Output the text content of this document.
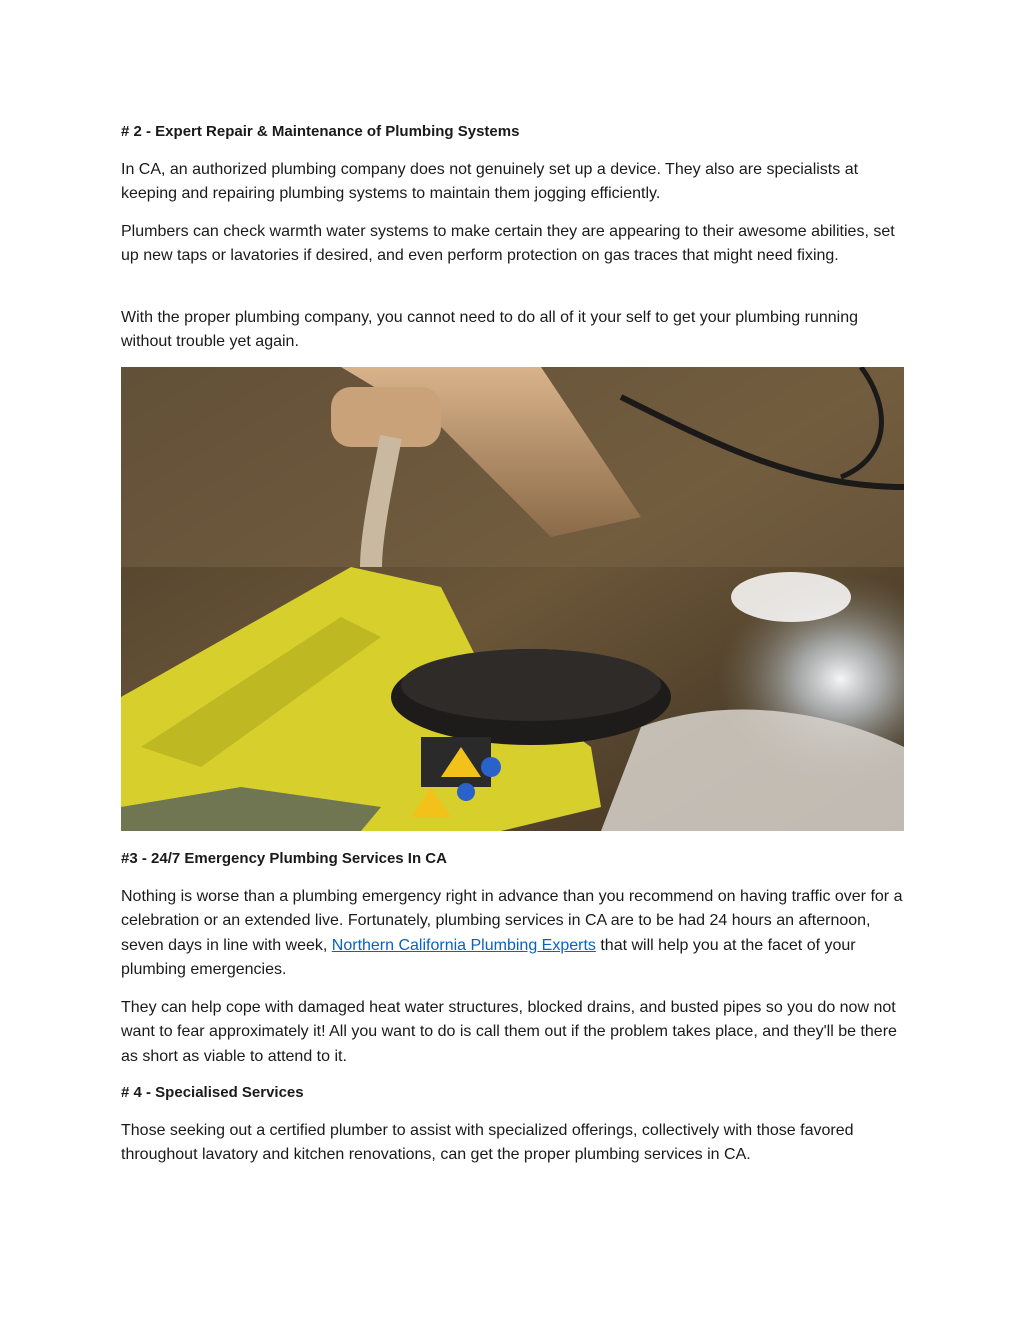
# 2 - Expert Repair & Maintenance of Plumbing Systems

In CA, an authorized plumbing company does not genuinely set up a device. They also are specialists at keeping and repairing plumbing systems to maintain them jogging efficiently.

Plumbers can check warmth water systems to make certain they are appearing to their awesome abilities, set up new taps or lavatories if desired, and even perform protection on gas traces that might need fixing.

With the proper plumbing company, you cannot need to do all of it your self to get your plumbing running without trouble yet again.

#3 - 24/7 Emergency Plumbing Services In CA

Nothing is worse than a plumbing emergency right in advance than you recommend on having traffic over for a celebration or an extended live. Fortunately, plumbing services in CA are to be had 24 hours an afternoon, seven days in line with week, Northern California Plumbing Experts that will help you at the facet of your plumbing emergencies.

They can help cope with damaged heat water structures, blocked drains, and busted pipes so you do now not want to fear approximately it! All you want to do is call them out if the problem takes place, and they'll be there as short as viable to attend to it.

# 4 - Specialised Services

Those seeking out a certified plumber to assist with specialized offerings, collectively with those favored throughout lavatory and kitchen renovations, can get the proper plumbing services in CA.
